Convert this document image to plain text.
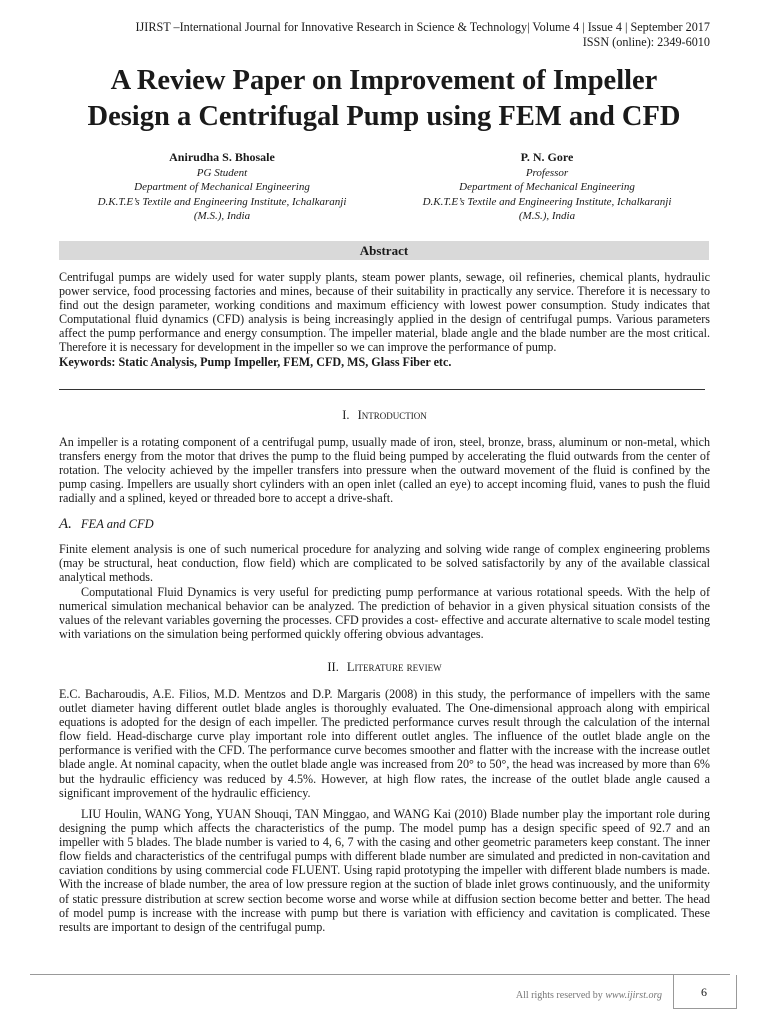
IJIRST –International Journal for Innovative Research in Science & Technology| Volume 4 | Issue 4 | September 2017
ISSN (online): 2349-6010
A Review Paper on Improvement of Impeller
Design a Centrifugal Pump using FEM and CFD
Anirudha S. Bhosale
PG Student
Department of Mechanical Engineering
D.K.T.E’s Textile and Engineering Institute, Ichalkaranji
(M.S.), India
P. N. Gore
Professor
Department of Mechanical Engineering
D.K.T.E’s Textile and Engineering Institute, Ichalkaranji
(M.S.), India
Abstract
Centrifugal pumps are widely used for water supply plants, steam power plants, sewage, oil refineries, chemical plants, hydraulic power service, food processing factories and mines, because of their suitability in practically any service. Therefore it is necessary to find out the design parameter, working conditions and maximum efficiency with lowest power consumption. Study indicates that Computational fluid dynamics (CFD) analysis is being increasingly applied in the design of centrifugal pumps. Various parameters affect the pump performance and energy consumption. The impeller material, blade angle and the blade number are the most critical. Therefore it is necessary for development in the impeller so we can improve the performance of pump.
Keywords: Static Analysis, Pump Impeller, FEM, CFD, MS, Glass Fiber etc.
I. Introduction
An impeller is a rotating component of a centrifugal pump, usually made of iron, steel, bronze, brass, aluminum or non-metal, which transfers energy from the motor that drives the pump to the fluid being pumped by accelerating the fluid outwards from the center of rotation. The velocity achieved by the impeller transfers into pressure when the outward movement of the fluid is confined by the pump casing. Impellers are usually short cylinders with an open inlet (called an eye) to accept incoming fluid, vanes to push the fluid radially and a splined, keyed or threaded bore to accept a drive-shaft.
A. FEA and CFD
Finite element analysis is one of such numerical procedure for analyzing and solving wide range of complex engineering problems (may be structural, heat conduction, flow field) which are complicated to be solved satisfactorily by any of the available classical analytical methods.
Computational Fluid Dynamics is very useful for predicting pump performance at various rotational speeds. With the help of numerical simulation mechanical behavior can be analyzed. The prediction of behavior in a given physical situation consists of the values of the relevant variables governing the processes. CFD provides a cost- effective and accurate alternative to scale model testing with variations on the simulation being performed quickly offering obvious advantages.
II. Literature review
E.C. Bacharoudis, A.E. Filios, M.D. Mentzos and D.P. Margaris (2008) in this study, the performance of impellers with the same outlet diameter having different outlet blade angles is thoroughly evaluated. The One-dimensional approach along with empirical equations is adopted for the design of each impeller. The predicted performance curves result through the calculation of the internal flow field. Head-discharge curve play important role into different outlet angles. The influence of the outlet blade angle on the performance is verified with the CFD. The performance curve becomes smoother and flatter with the increase with the increase outlet blade angle. At nominal capacity, when the outlet blade angle was increased from 20° to 50°, the head was increased by more than 6% but the hydraulic efficiency was reduced by 4.5%. However, at high flow rates, the increase of the outlet blade angle caused a significant improvement of the hydraulic efficiency.
LIU Houlin, WANG Yong, YUAN Shouqi, TAN Minggao, and WANG Kai (2010) Blade number play the important role during designing the pump which affects the characteristics of the pump. The model pump has a design specific speed of 92.7 and an impeller with 5 blades. The blade number is varied to 4, 6, 7 with the casing and other geometric parameters keep constant. The inner flow fields and characteristics of the centrifugal pumps with different blade number are simulated and predicted in non-cavitation and caviation conditions by using commercial code FLUENT. Using rapid prototyping the impeller with different blade numbers is made. With the increase of blade number, the area of low pressure region at the suction of blade inlet grows continuously, and the uniformity of static pressure distribution at screw section become worse and worse while at diffusion section become better and better. The head of model pump is increase with the increase with pump but there is variation with efficiency and cavitation is complicated. These results are important to design of the centrifugal pump.
All rights reserved by www.ijirst.org	6
